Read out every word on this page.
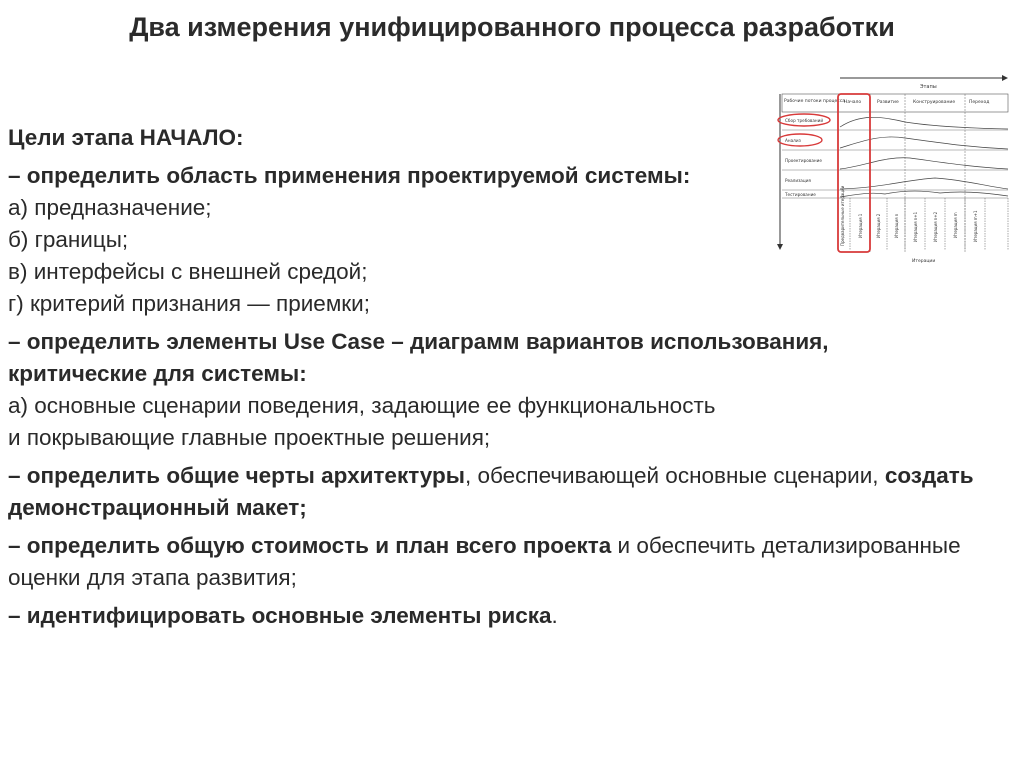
Два измерения унифицированного процесса разработки
Этапы
Рабочие потоки процесса
Начало	Развитие	Конструирование	Переход
Сбор требований
Анализ
Проектирование
Реализация
Тестирование	Предварительные итерации	Итерация 1	Итерация 2	Итерация n	Итерация n+1	Итерация n+2	Итерация m	Итерация m+1
Итерации

Цели этапа НАЧАЛО:

– определить область применения проектируемой системы:
а) предназначение;
б) границы;
в) интерфейсы с внешней средой;
г) критерий признания — приемки;

– определить элементы Use Case – диаграмм вариантов использования, критические для системы:
а) основные сценарии поведения, задающие ее функциональность
и покрывающие главные проектные решения;

– определить общие черты архитектуры, обеспечивающей основные сценарии, создать демонстрационный макет;

– определить общую стоимость и план всего проекта и обеспечить детализированные оценки для этапа развития;

– идентифицировать основные элементы риска.
